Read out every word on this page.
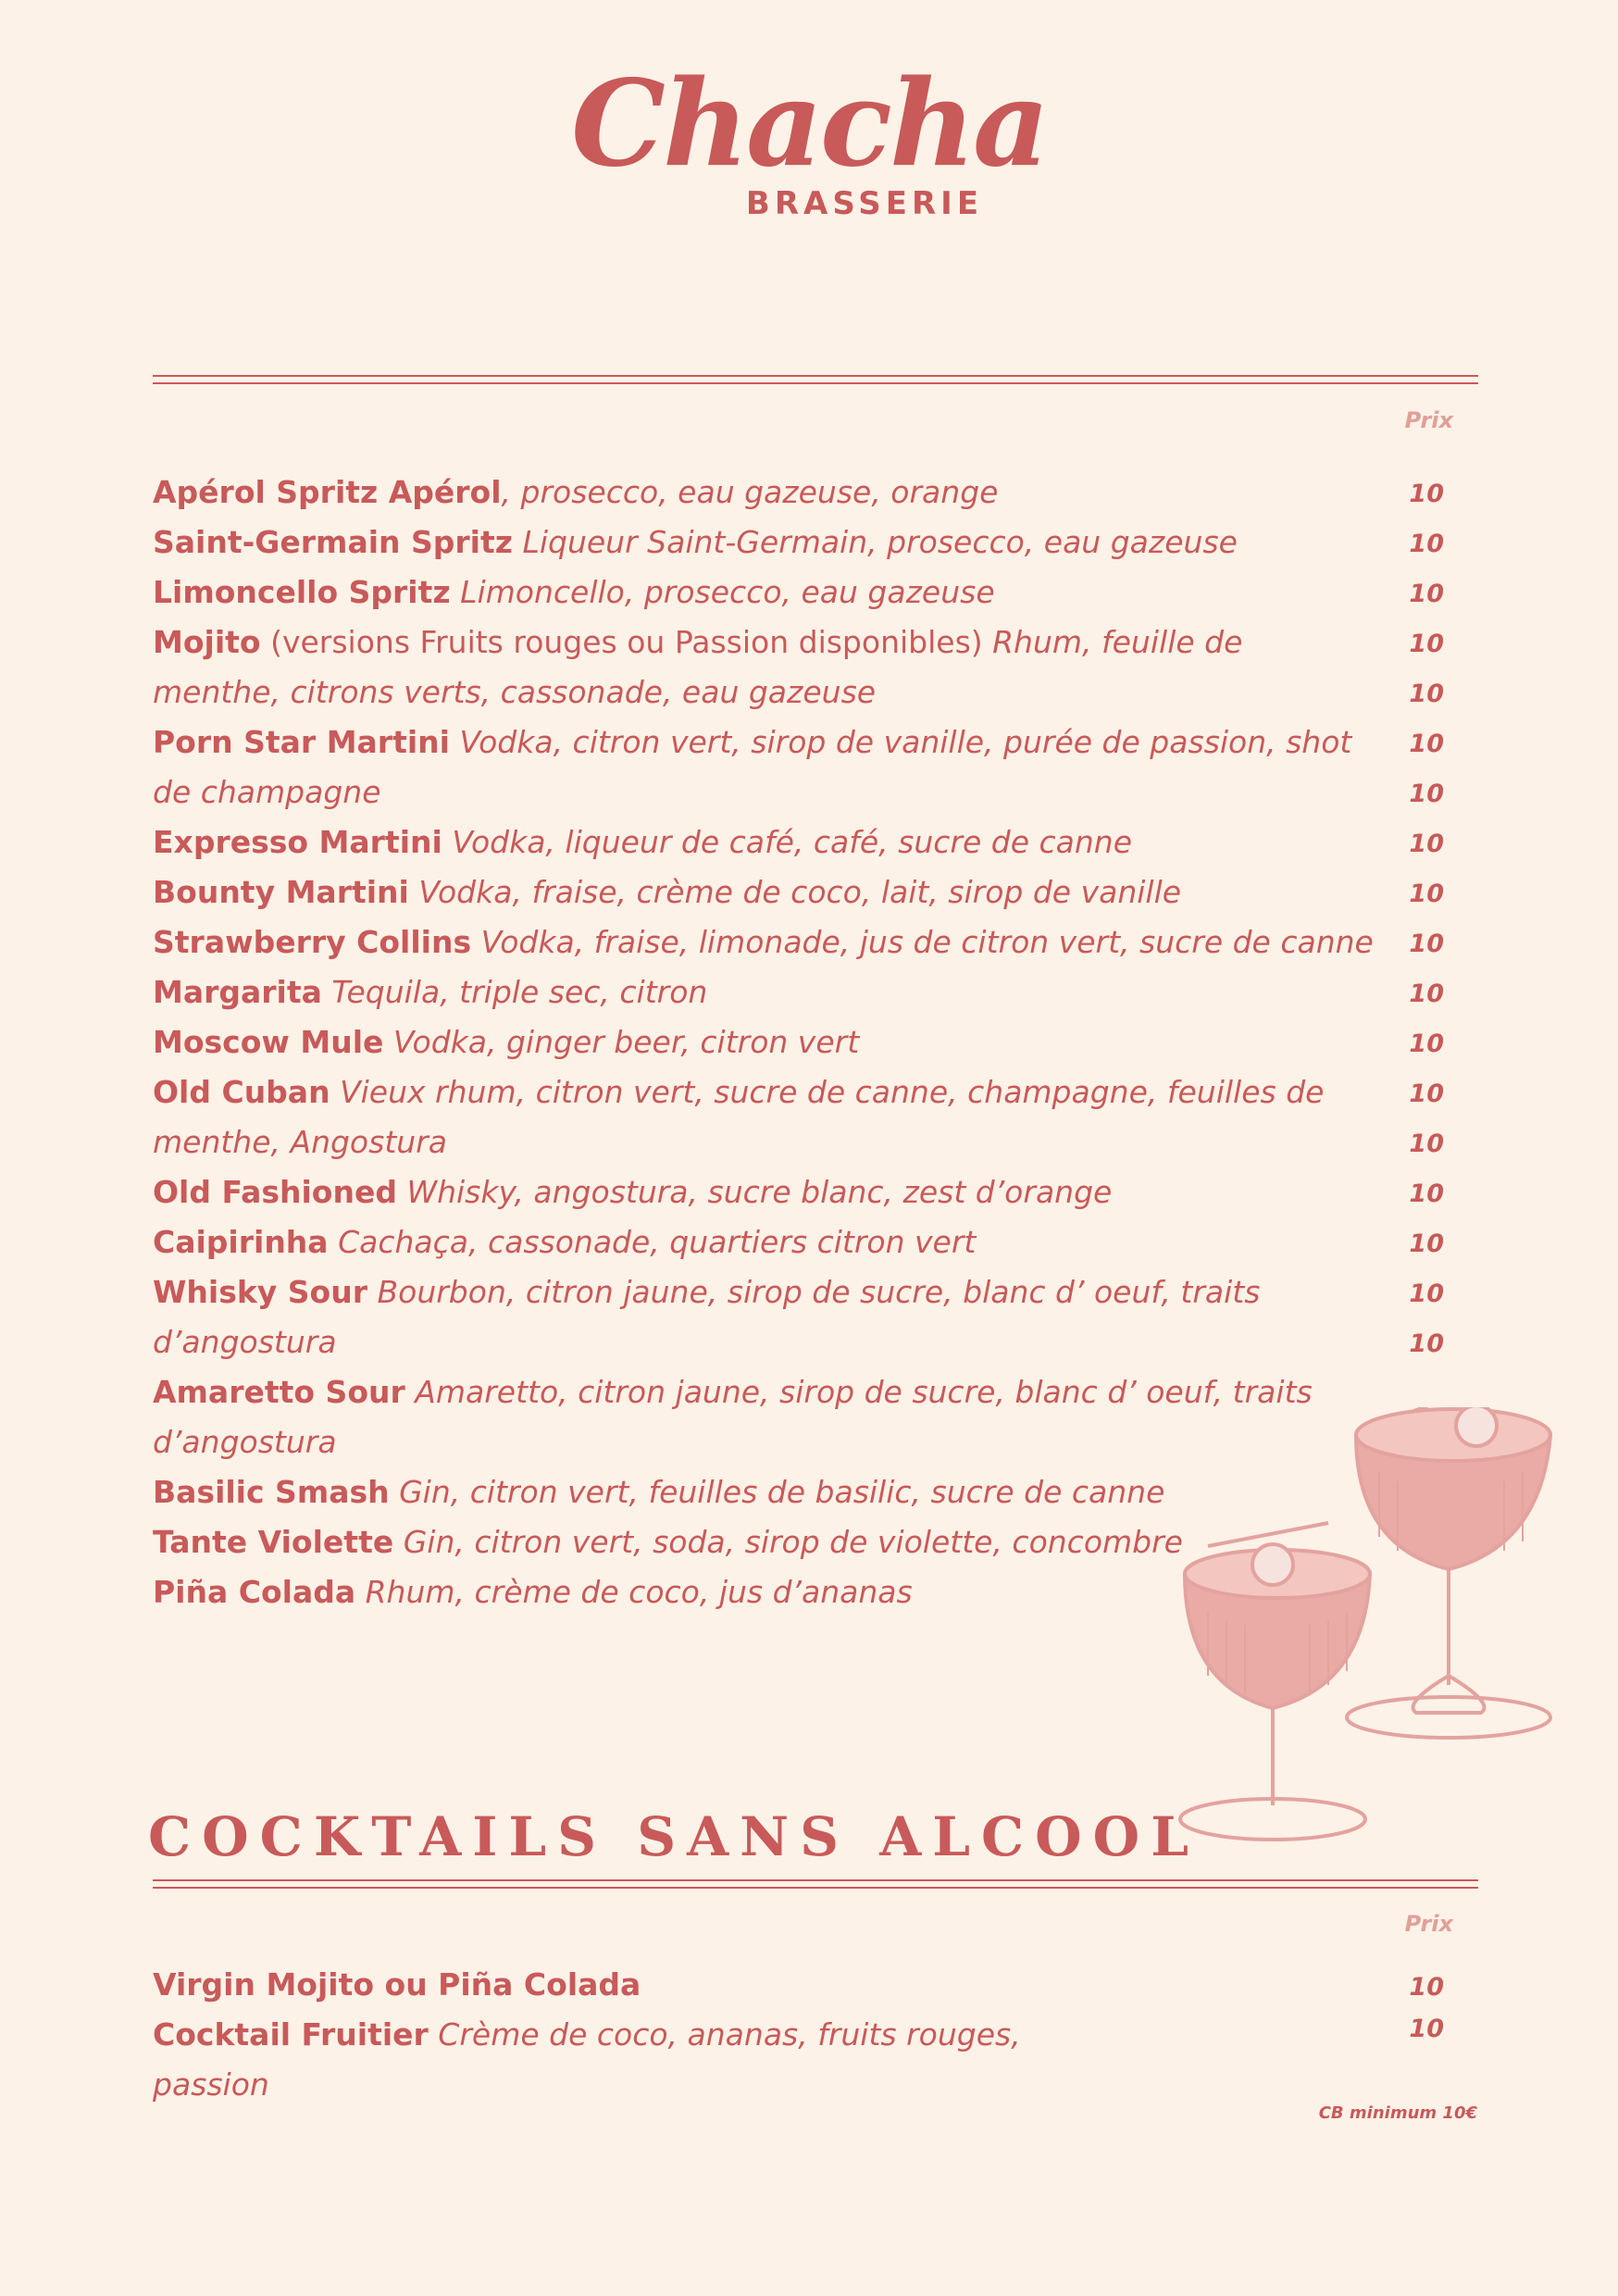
Chacha
BRASSERIE
Prix
Apérol Spritz Apérol, prosecco, eau gazeuse, orange
Saint-Germain Spritz Liqueur Saint-Germain, prosecco, eau gazeuse
Limoncello Spritz Limoncello, prosecco, eau gazeuse
Mojito (versions Fruits rouges ou Passion disponibles) Rhum, feuille de
menthe, citrons verts, cassonade, eau gazeuse
Porn Star Martini Vodka, citron vert, sirop de vanille, purée de passion, shot
de champagne
Expresso Martini Vodka, liqueur de café, café, sucre de canne
Bounty Martini Vodka, fraise, crème de coco, lait, sirop de vanille
Strawberry Collins Vodka, fraise, limonade, jus de citron vert, sucre de canne
Margarita Tequila, triple sec, citron
Moscow Mule Vodka, ginger beer, citron vert
Old Cuban Vieux rhum, citron vert, sucre de canne, champagne, feuilles de
menthe, Angostura
Old Fashioned Whisky, angostura, sucre blanc, zest d’orange
Caipirinha Cachaça, cassonade, quartiers citron vert
Whisky Sour Bourbon, citron jaune, sirop de sucre, blanc d’ oeuf, traits
d’angostura
Amaretto Sour Amaretto, citron jaune, sirop de sucre, blanc d’ oeuf, traits
d’angostura
Basilic Smash Gin, citron vert, feuilles de basilic, sucre de canne
Tante Violette Gin, citron vert, soda, sirop de violette, concombre
Piña Colada Rhum, crème de coco, jus d’ananas
10
10
10
10
10
10
10
10
10
10
10
10
10
10
10
10
10
10
COCKTAILS SANS ALCOOL
Prix
Virgin Mojito ou Piña Colada
Cocktail Fruitier Crème de coco, ananas, fruits rouges,
passion
10
10
CB minimum 10€
